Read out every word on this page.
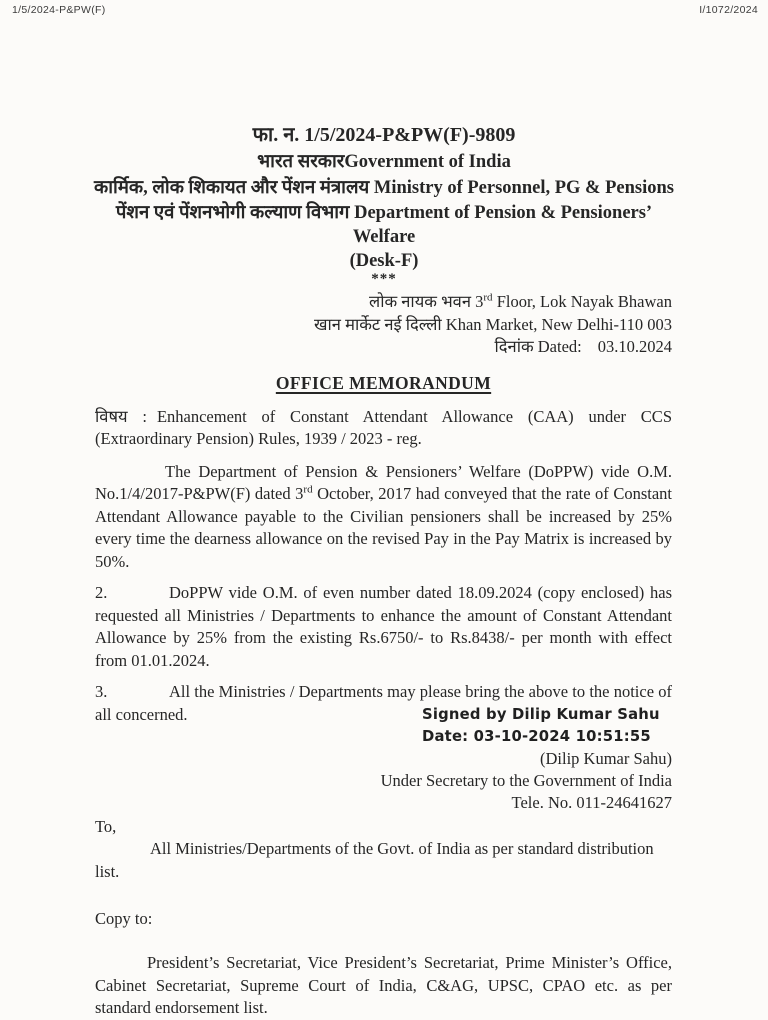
1/5/2024-P&PW(F)	I/1072/2024
फा. न. 1/5/2024-P&PW(F)-9809
भारत सरकारGovernment of India
कार्मिक, लोक शिकायत और पेंशन मंत्रालय Ministry of Personnel, PG & Pensions
पेंशन एवं पेंशनभोगी कल्याण विभाग Department of Pension & Pensioners’
Welfare
(Desk-F)
***
लोक नायक भवन 3rd Floor, Lok Nayak Bhawan
खान मार्केट नई दिल्ली Khan Market, New Delhi-110 003
दिनांक Dated: 03.10.2024
OFFICE MEMORANDUM

विषय : Enhancement of Constant Attendant Allowance (CAA) under CCS (Extraordinary Pension) Rules, 1939 / 2023 - reg.

The Department of Pension & Pensioners’ Welfare (DoPPW) vide O.M. No.1/4/2017-P&PW(F) dated 3rd October, 2017 had conveyed that the rate of Constant Attendant Allowance payable to the Civilian pensioners shall be increased by 25% every time the dearness allowance on the revised Pay in the Pay Matrix is increased by 50%.

2.	DoPPW vide O.M. of even number dated 18.09.2024 (copy enclosed) has requested all Ministries / Departments to enhance the amount of Constant Attendant Allowance by 25% from the existing Rs.6750/- to Rs.8438/- per month with effect from 01.01.2024.

3.	All the Ministries / Departments may please bring the above to the notice of all concerned.	Signed by Dilip Kumar Sahu
Date: 03-10-2024 10:51:55
(Dilip Kumar Sahu)
Under Secretary to the Government of India
Tele. No. 011-24641627
To,

All Ministries/Departments of the Govt. of India as per standard distribution list.

Copy to:

President’s Secretariat, Vice President’s Secretariat, Prime Minister’s Office, Cabinet Secretariat, Supreme Court of India, C&AG, UPSC, CPAO etc. as per standard endorsement list.
